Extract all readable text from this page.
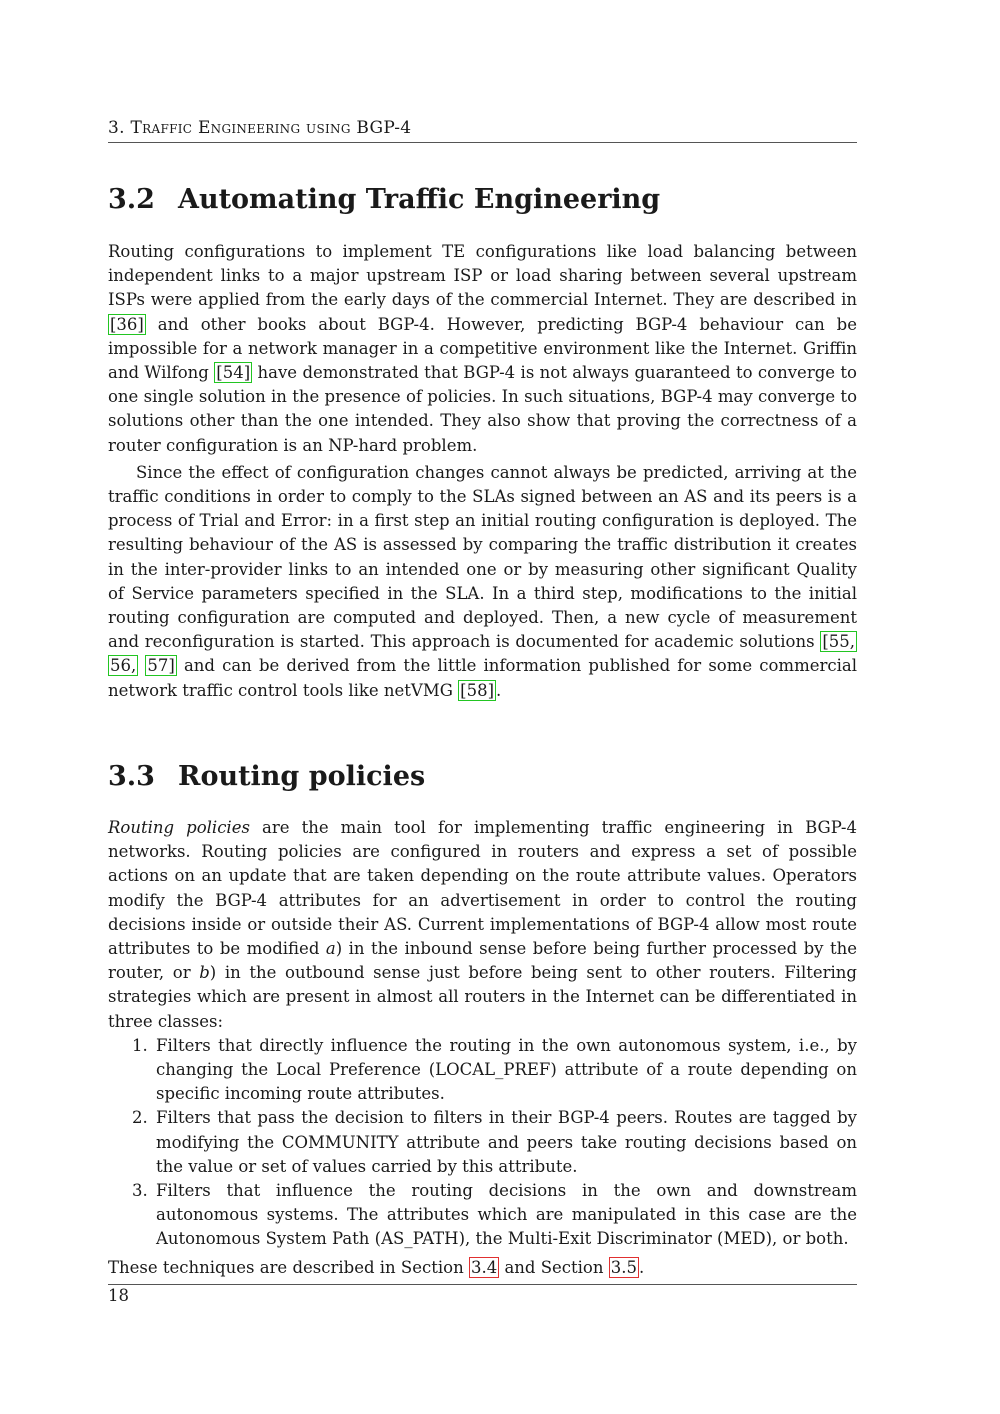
3. Traffic Engineering using BGP-4
3.2 Automating Traffic Engineering

Routing configurations to implement TE configurations like load balancing between independent links to a major upstream ISP or load sharing between several upstream ISPs were applied from the early days of the commercial Internet. They are described in [36] and other books about BGP-4. However, predicting BGP-4 behaviour can be impossible for a network manager in a competitive environment like the Internet. Griffin and Wilfong [54] have demonstrated that BGP-4 is not always guaranteed to converge to one single solution in the presence of policies. In such situations, BGP-4 may converge to solutions other than the one intended. They also show that proving the correctness of a router configuration is an NP-hard problem.

Since the effect of configuration changes cannot always be predicted, arriving at the traffic conditions in order to comply to the SLAs signed between an AS and its peers is a process of Trial and Error: in a first step an initial routing configuration is deployed. The resulting behaviour of the AS is assessed by comparing the traffic distribution it creates in the inter-provider links to an intended one or by measuring other significant Quality of Service parameters specified in the SLA. In a third step, modifications to the initial routing configuration are computed and deployed. Then, a new cycle of measurement and reconfiguration is started. This approach is documented for academic solutions [55, 56, 57] and can be derived from the little information published for some commercial network traffic control tools like netVMG [58] .

3.3 Routing policies

Routing policies are the main tool for implementing traffic engineering in BGP-4 networks. Routing policies are configured in routers and express a set of possible actions on an update that are taken depending on the route attribute values. Operators modify the BGP-4 attributes for an advertisement in order to control the routing decisions inside or outside their AS. Current implementations of BGP-4 allow most route attributes to be modified a) in the inbound sense before being further processed by the router, or b) in the outbound sense just before being sent to other routers. Filtering strategies which are present in almost all routers in the Internet can be differentiated in three classes:

1. Filters that directly influence the routing in the own autonomous system, i.e., by changing the Local Preference (LOCAL_PREF) attribute of a route depending on specific incoming route attributes.
2. Filters that pass the decision to filters in their BGP-4 peers. Routes are tagged by modifying the COMMUNITY attribute and peers take routing decisions based on the value or set of values carried by this attribute.
3. Filters that influence the routing decisions in the own and downstream autonomous systems. The attributes which are manipulated in this case are the Autonomous System Path (AS_PATH), the Multi-Exit Discriminator (MED), or both.

These techniques are described in Section 3.4 and Section 3.5 .

18
